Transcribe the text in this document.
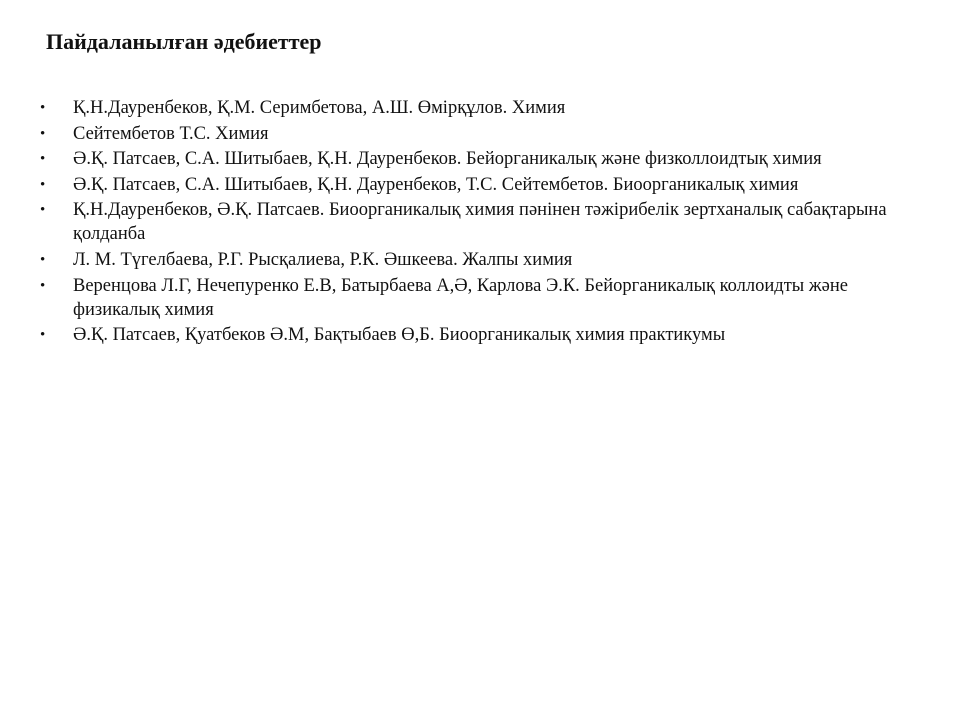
Пайдаланылған әдебиеттер
• Қ.Н.Дауренбеков, Қ.М. Серимбетова, А.Ш. Өмірқұлов. Химия
• Сейтембетов Т.С. Химия
• Ә.Қ. Патсаев, С.А. Шитыбаев, Қ.Н. Дауренбеков. Бейорганикалық және физколлоидтық химия
• Ә.Қ. Патсаев, С.А. Шитыбаев, Қ.Н. Дауренбеков, Т.С. Сейтембетов. Биоорганикалық химия
• Қ.Н.Дауренбеков, Ә.Қ. Патсаев. Биоорганикалық химия пәнінен тәжірибелік зертханалық сабақтарына қолданба
• Л. М. Түгелбаева, Р.Г. Рысқалиева, Р.К. Әшкеева. Жалпы химия
• Веренцова Л.Г, Нечепуренко Е.В, Батырбаева А,Ә, Карлова Э.К. Бейорганикалық коллоидты және физикалық химия
• Ә.Қ. Патсаев, Қуатбеков Ә.М, Бақтыбаев Ө,Б. Биоорганикалық химия практикумы
